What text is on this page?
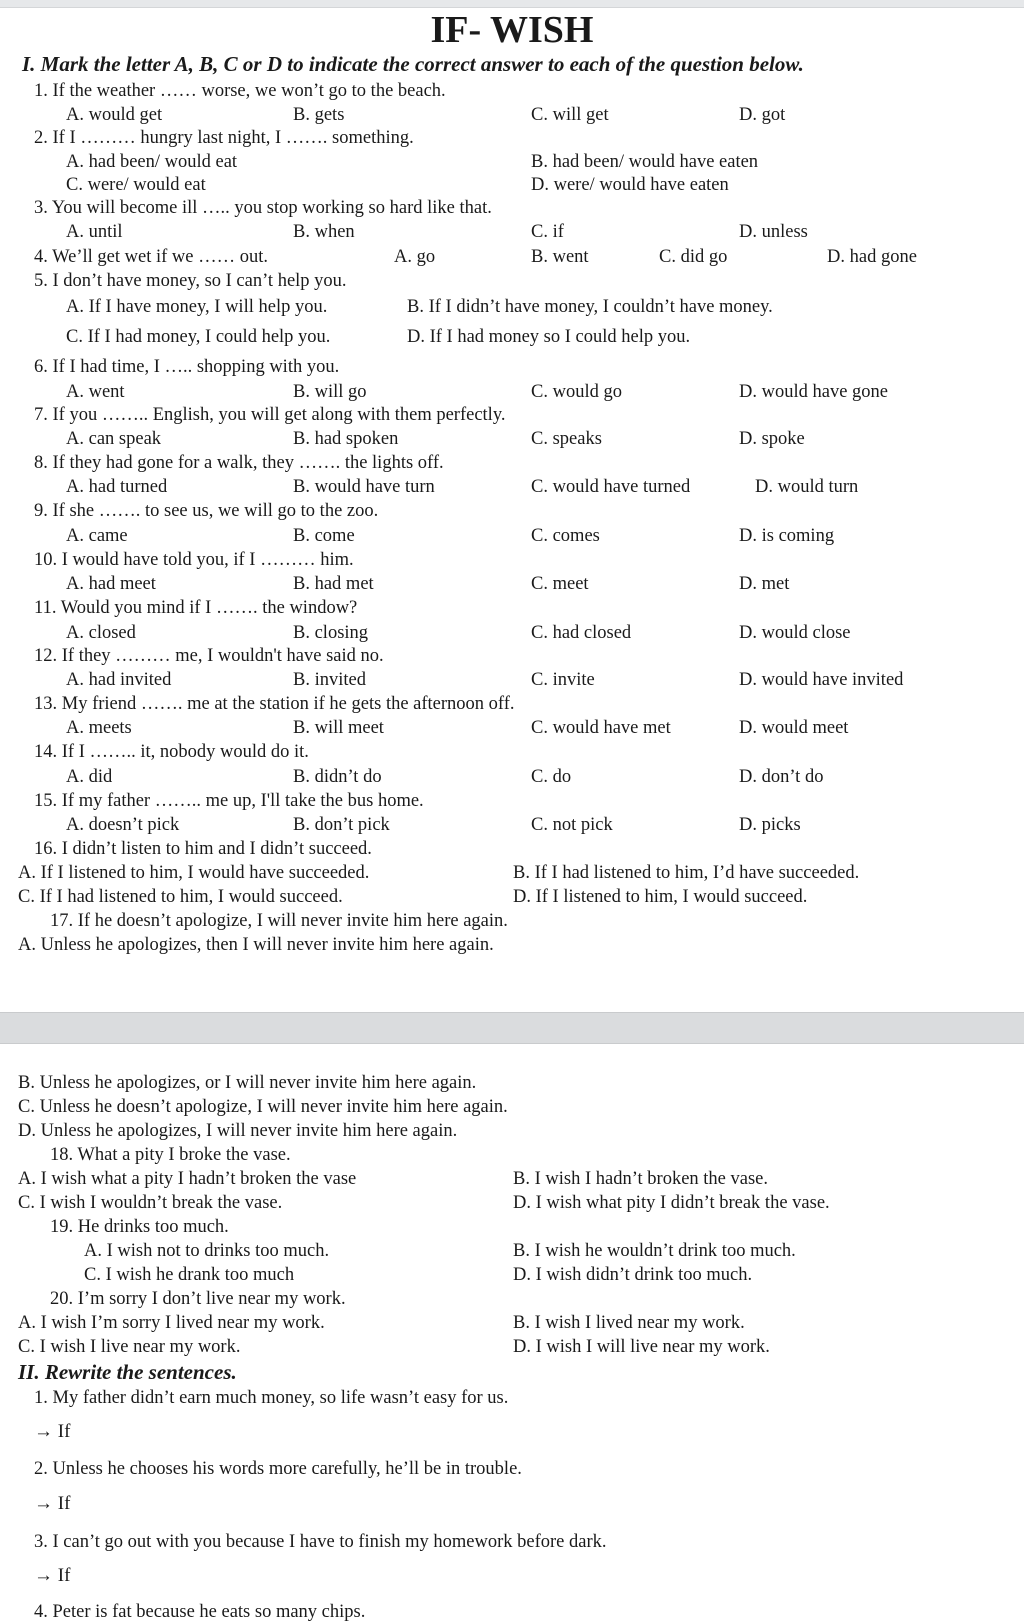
IF- WISH
I. Mark the letter A, B, C or D to indicate the correct answer to each of the question below.
1. If the weather …… worse, we won’t go to the beach.
A. would get	B. gets	C. will get	D. got
2. If I ……… hungry last night, I ……. something.
A. had been/ would eat	B. had been/ would have eaten
C. were/ would eat	D. were/ would have eaten
3. You will become ill ….. you stop working so hard like that.
A. until	B. when	C. if	D. unless
4. We’ll get wet if we …… out.	A. go	B. went	C. did go	D. had gone
5. I don’t have money, so I can’t help you.
A. If I have money, I will help you.	B. If I didn’t have money, I couldn’t have money.
C. If I had money, I could help you.	D. If I had money so I could help you.
6. If I had time, I ….. shopping with you.
A. went	B. will go	C. would go	D. would have gone
7. If you …….. English, you will get along with them perfectly.
A. can speak	B. had spoken	C. speaks	D. spoke
8. If they had gone for a walk, they ……. the lights off.
A. had turned	B. would have turn	C. would have turned	D. would turn
9. If she ……. to see us, we will go to the zoo.
A. came	B. come	C. comes	D. is coming
10. I would have told you, if I ……… him.
A. had meet	B. had met	C. meet	D. met
11. Would you mind if I ……. the window?
A. closed	B. closing	C. had closed	D. would close
12. If they ……… me, I wouldn't have said no.
A. had invited	B. invited	C. invite	D. would have invited
13. My friend ……. me at the station if he gets the afternoon off.
A. meets	B. will meet	C. would have met	D. would meet
14. If I …….. it, nobody would do it.
A. did	B. didn’t do	C. do	D. don’t do
15. If my father …….. me up, I'll take the bus home.
A. doesn’t pick	B. don’t pick	C. not pick	D. picks
16. I didn’t listen to him and I didn’t succeed.
A. If I listened to him, I would have succeeded.	B. If I had listened to him, I’d have succeeded.
C. If I had listened to him, I would succeed.	D. If I listened to him, I would succeed.
17. If he doesn’t apologize, I will never invite him here again.
A. Unless he apologizes, then I will never invite him here again.
B. Unless he apologizes, or I will never invite him here again.
C. Unless he doesn’t apologize, I will never invite him here again.
D. Unless he apologizes, I will never invite him here again.
18. What a pity I broke the vase.
A. I wish what a pity I hadn’t broken the vase	B. I wish I hadn’t broken the vase.
C. I wish I wouldn’t break the vase.	D. I wish what pity I didn’t break the vase.
19. He drinks too much.
A. I wish not to drinks too much.	B. I wish he wouldn’t drink too much.
C. I wish he drank too much	D. I wish didn’t drink too much.
20. I’m sorry I don’t live near my work.
A. I wish I’m sorry I lived near my work.	B. I wish I lived near my work.
C. I wish I live near my work.	D. I wish I will live near my work.
II. Rewrite the sentences.
1. My father didn’t earn much money, so life wasn’t easy for us.
→ If
2. Unless he chooses his words more carefully, he’ll be in trouble.
→ If
3. I can’t go out with you because I have to finish my homework before dark.
→ If
4. Peter is fat because he eats so many chips.
